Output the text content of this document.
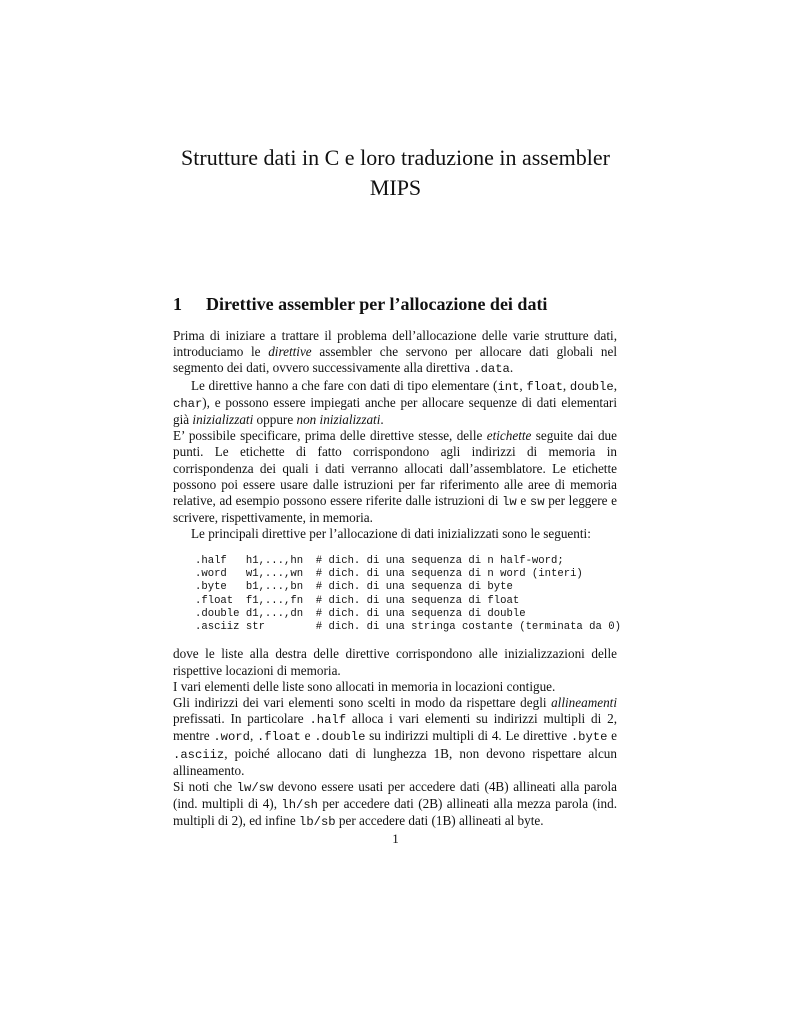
Strutture dati in C e loro traduzione in assembler
MIPS
1 Direttive assembler per l’allocazione dei dati

Prima di iniziare a trattare il problema dell’allocazione delle varie strutture dati, introduciamo le direttive assembler che servono per allocare dati globali nel segmento dei dati, ovvero successivamente alla direttiva .data.

Le direttive hanno a che fare con dati di tipo elementare (int, float, double, char), e possono essere impiegati anche per allocare sequenze di dati elementari già inizializzati oppure non inizializzati.

E’ possibile specificare, prima delle direttive stesse, delle etichette seguite dai due punti. Le etichette di fatto corrispondono agli indirizzi di memoria in corrispondenza dei quali i dati verranno allocati dall’assemblatore. Le etichette possono poi essere usare dalle istruzioni per far riferimento alle aree di memoria relative, ad esempio possono essere riferite dalle istruzioni di lw e sw per leggere e scrivere, rispettivamente, in memoria.

Le principali direttive per l’allocazione di dati inizializzati sono le seguenti:

.half   h1,...,hn  # dich. di una sequenza di n half-word;
.word   w1,...,wn  # dich. di una sequenza di n word (interi)
.byte   b1,...,bn  # dich. di una sequenza di byte
.float  f1,...,fn  # dich. di una sequenza di float
.double d1,...,dn  # dich. di una sequenza di double
.asciiz str        # dich. di una stringa costante (terminata da 0)

dove le liste alla destra delle direttive corrispondono alle inizializzazioni delle rispettive locazioni di memoria.

I vari elementi delle liste sono allocati in memoria in locazioni contigue.

Gli indirizzi dei vari elementi sono scelti in modo da rispettare degli allineamenti prefissati. In particolare .half alloca i vari elementi su indirizzi multipli di 2, mentre .word, .float e .double su indirizzi multipli di 4. Le direttive .byte e .asciiz, poiché allocano dati di lunghezza 1B, non devono rispettare alcun allineamento.

Si noti che lw/sw devono essere usati per accedere dati (4B) allineati alla parola (ind. multipli di 4), lh/sh per accedere dati (2B) allineati alla mezza parola (ind. multipli di 2), ed infine lb/sb per accedere dati (1B) allineati al byte.

1
